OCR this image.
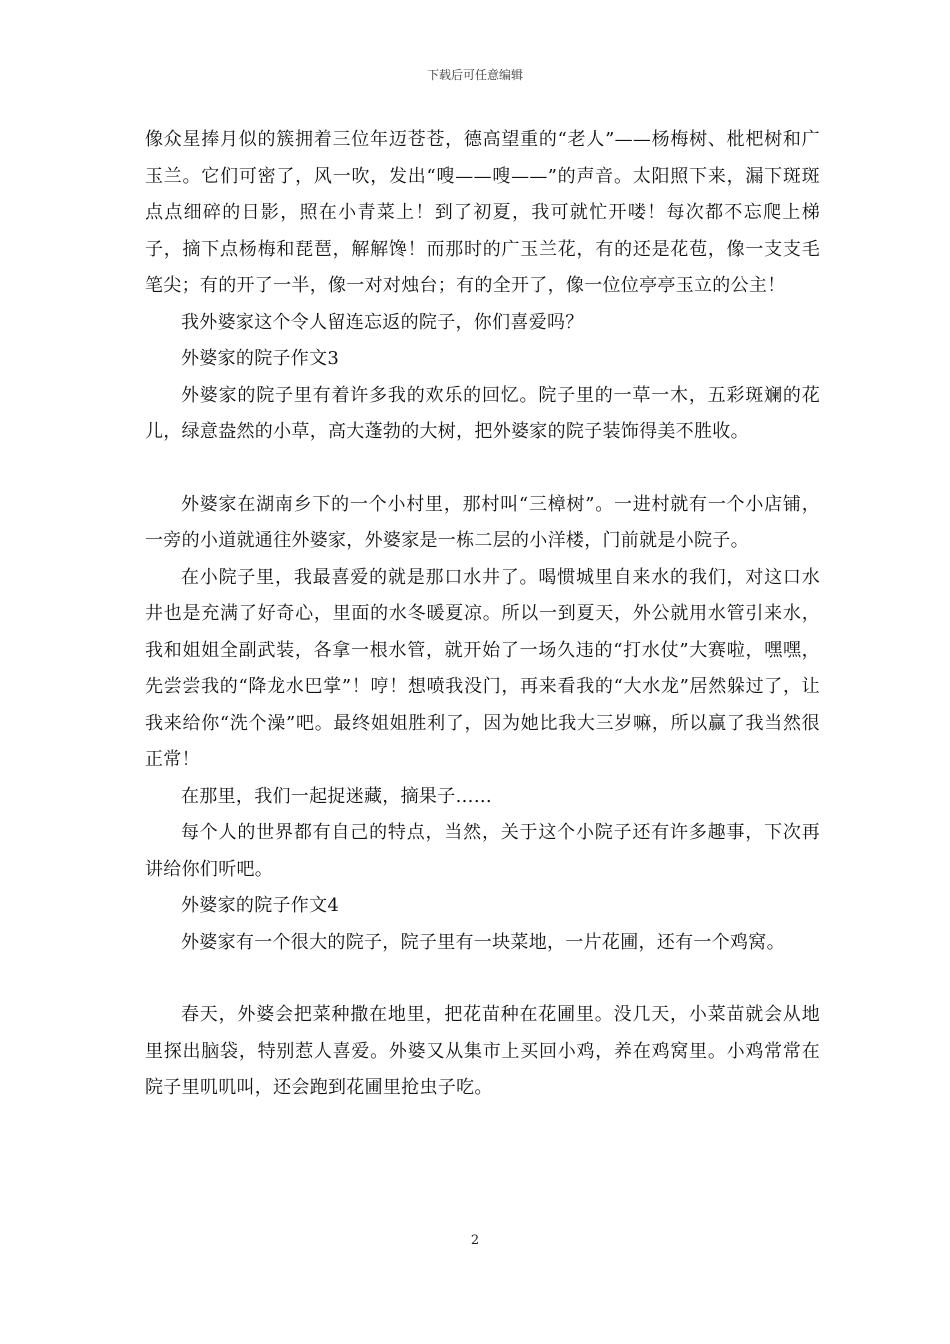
下载后可任意编辑

像众星捧月似的簇拥着三位年迈苍苍，德高望重的“老人”——杨梅树、枇杷树和广玉兰。它们可密了，风一吹，发出“嗖——嗖——”的声音。太阳照下来，漏下斑斑点点细碎的日影，照在小青菜上！到了初夏，我可就忙开喽！每次都不忘爬上梯子，摘下点杨梅和琵琶，解解馋！而那时的广玉兰花，有的还是花苞，像一支支毛笔尖；有的开了一半，像一对对烛台；有的全开了，像一位位亭亭玉立的公主！

我外婆家这个令人留连忘返的院子，你们喜爱吗？

外婆家的院子作文3

外婆家的院子里有着许多我的欢乐的回忆。院子里的一草一木，五彩斑斓的花儿，绿意盎然的小草，高大蓬勃的大树，把外婆家的院子装饰得美不胜收。

外婆家在湖南乡下的一个小村里，那村叫“三樟树”。一进村就有一个小店铺，一旁的小道就通往外婆家，外婆家是一栋二层的小洋楼，门前就是小院子。

在小院子里，我最喜爱的就是那口水井了。喝惯城里自来水的我们，对这口水井也是充满了好奇心，里面的水冬暖夏凉。所以一到夏天，外公就用水管引来水，我和姐姐全副武装，各拿一根水管，就开始了一场久违的“打水仗”大赛啦，嘿嘿，先尝尝我的“降龙水巴掌”！哼！想喷我没门，再来看我的“大水龙”居然躲过了，让我来给你“洗个澡”吧。最终姐姐胜利了，因为她比我大三岁嘛，所以赢了我当然很正常！

在那里，我们一起捉迷藏，摘果子……

每个人的世界都有自己的特点，当然，关于这个小院子还有许多趣事，下次再讲给你们听吧。

外婆家的院子作文4

外婆家有一个很大的院子，院子里有一块菜地，一片花圃，还有一个鸡窝。

春天，外婆会把菜种撒在地里，把花苗种在花圃里。没几天，小菜苗就会从地里探出脑袋，特别惹人喜爱。外婆又从集市上买回小鸡，养在鸡窝里。小鸡常常在院子里叽叽叫，还会跑到花圃里抢虫子吃。

2
